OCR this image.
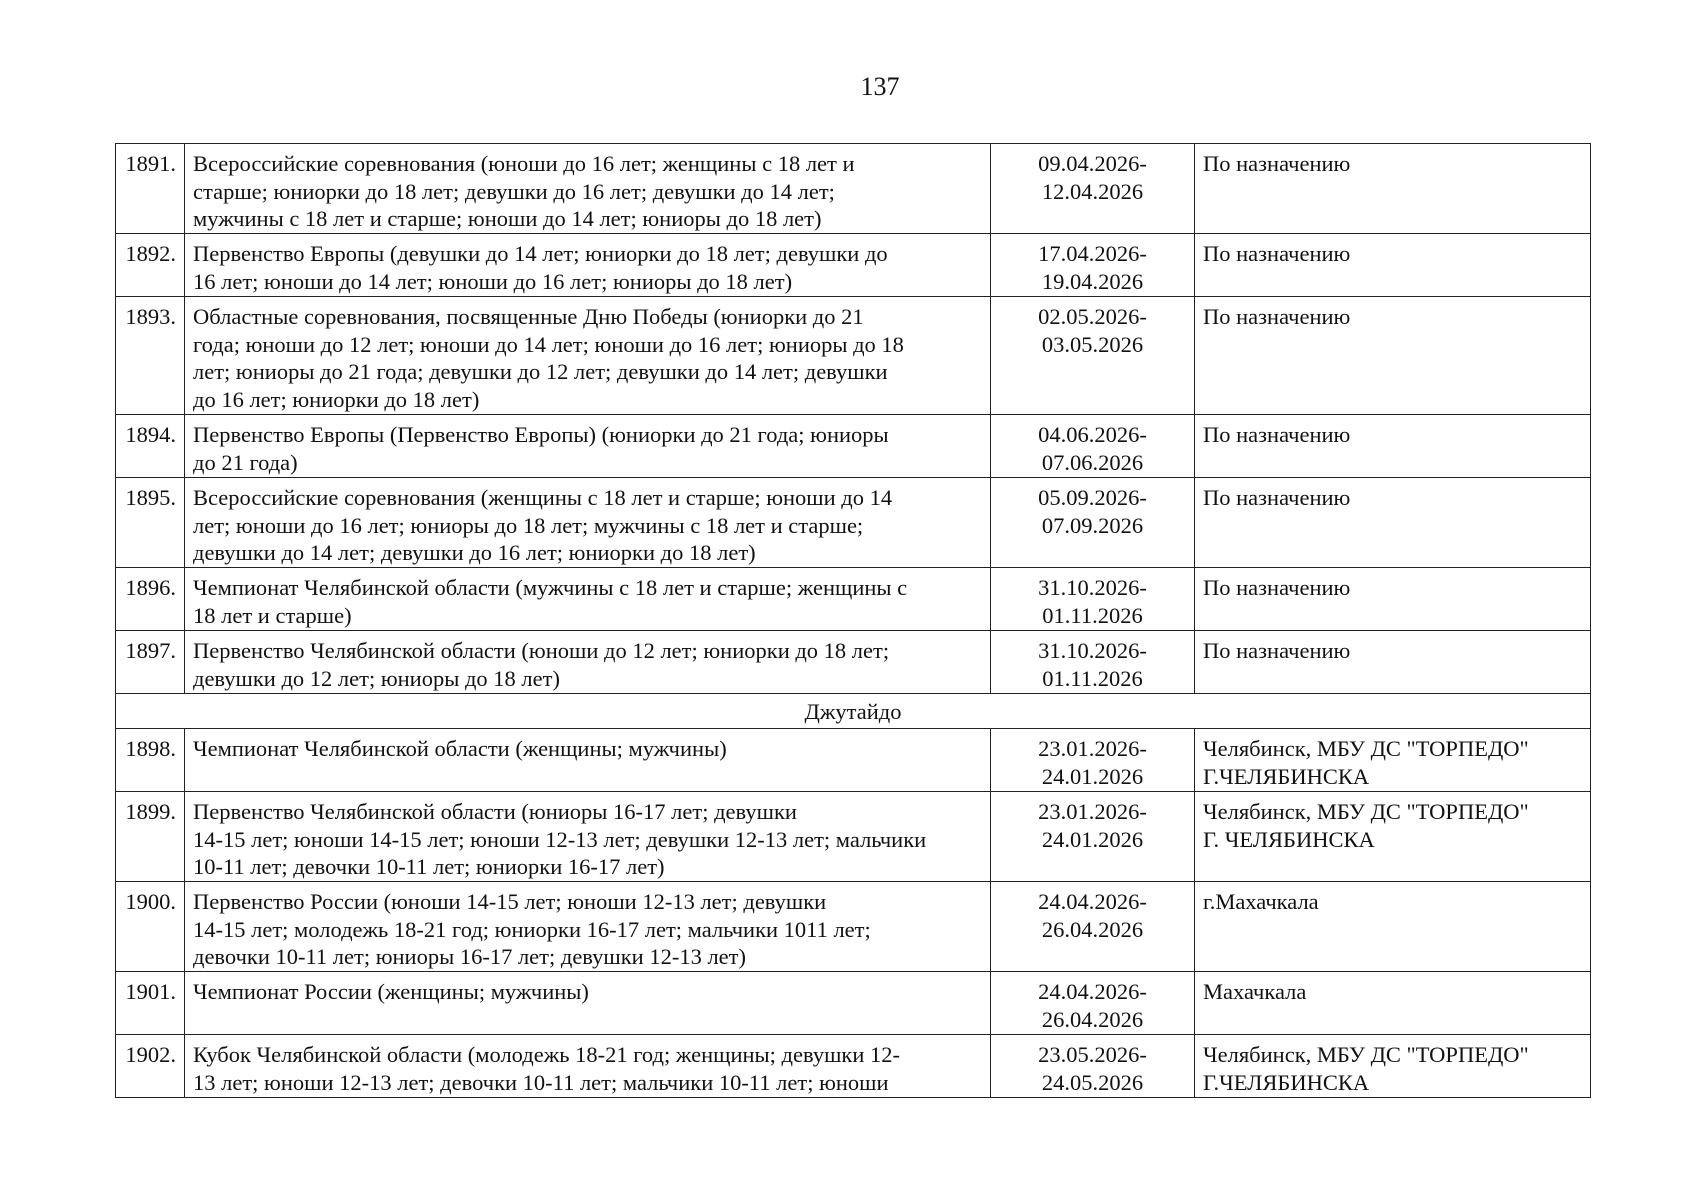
137
1891.	Всероссийские соревнования (юноши до 16 лет; женщины с 18 лет и
старше; юниорки до 18 лет; девушки до 16 лет; девушки до 14 лет;
мужчины с 18 лет и старше; юноши до 14 лет; юниоры до 18 лет)	09.04.2026-
12.04.2026	По назначению

1892.	Первенство Европы (девушки до 14 лет; юниорки до 18 лет; девушки до
16 лет; юноши до 14 лет; юноши до 16 лет; юниоры до 18 лет)	17.04.2026-
19.04.2026	По назначению

1893.	Областные соревнования, посвященные Дню Победы (юниорки до 21
года; юноши до 12 лет; юноши до 14 лет; юноши до 16 лет; юниоры до 18
лет; юниоры до 21 года; девушки до 12 лет; девушки до 14 лет; девушки
до 16 лет; юниорки до 18 лет)	02.05.2026-
03.05.2026	По назначению

1894.	Первенство Европы (Первенство Европы) (юниорки до 21 года; юниоры
до 21 года)	04.06.2026-
07.06.2026	По назначению

1895.	Всероссийские соревнования (женщины с 18 лет и старше; юноши до 14
лет; юноши до 16 лет; юниоры до 18 лет; мужчины с 18 лет и старше;
девушки до 14 лет; девушки до 16 лет; юниорки до 18 лет)	05.09.2026-
07.09.2026	По назначению

1896.	Чемпионат Челябинской области (мужчины с 18 лет и старше; женщины с
18 лет и старше)	31.10.2026-
01.11.2026	По назначению

1897.	Первенство Челябинской области (юноши до 12 лет; юниорки до 18 лет;
девушки до 12 лет; юниоры до 18 лет)	31.10.2026-
01.11.2026	По назначению

Джутайдо			
1898.	Чемпионат Челябинской области (женщины; мужчины)	23.01.2026-
24.01.2026	Челябинск, МБУ ДС "ТОРПЕДО"
Г.ЧЕЛЯБИНСКА

1899.	Первенство Челябинской области (юниоры 16-17 лет; девушки
14-15 лет; юноши 14-15 лет; юноши 12-13 лет; девушки 12-13 лет; мальчики
10-11 лет; девочки 10-11 лет; юниорки 16-17 лет)	23.01.2026-
24.01.2026	Челябинск, МБУ ДС "ТОРПЕДО"
Г. ЧЕЛЯБИНСКА

1900.	Первенство России (юноши 14-15 лет; юноши 12-13 лет; девушки
14-15 лет; молодежь 18-21 год; юниорки 16-17 лет; мальчики 1011 лет;
девочки 10-11 лет; юниоры 16-17 лет; девушки 12-13 лет)	24.04.2026-
26.04.2026	г.Махачкала

1901.	Чемпионат России (женщины; мужчины)	24.04.2026-
26.04.2026	Махачкала

1902.	Кубок Челябинской области (молодежь 18-21 год; женщины; девушки 12-
13 лет; юноши 12-13 лет; девочки 10-11 лет; мальчики 10-11 лет; юноши	23.05.2026-
24.05.2026	Челябинск, МБУ ДС "ТОРПЕДО"
Г.ЧЕЛЯБИНСКА
